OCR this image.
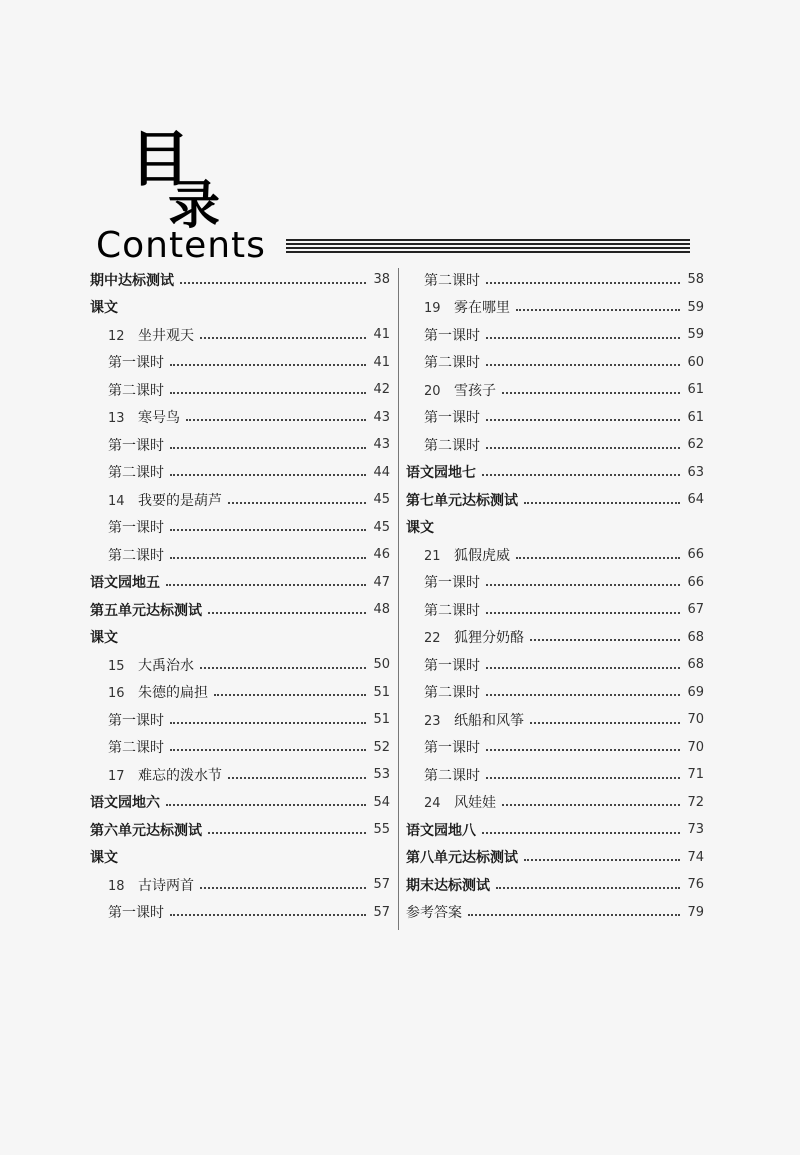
目
录
Contents
期中达标测试	38
课文
12 坐井观天	41
第一课时	41
第二课时	42
13 寒号鸟	43
第一课时	43
第二课时	44
14 我要的是葫芦	45
第一课时	45
第二课时	46
语文园地五	47
第五单元达标测试	48
课文
15 大禹治水	50
16 朱德的扁担	51
第一课时	51
第二课时	52
17 难忘的泼水节	53
语文园地六	54
第六单元达标测试	55
课文
18 古诗两首	57
第一课时	57
第二课时	58
19 雾在哪里	59
第一课时	59
第二课时	60
20 雪孩子	61
第一课时	61
第二课时	62
语文园地七	63
第七单元达标测试	64
课文
21 狐假虎威	66
第一课时	66
第二课时	67
22 狐狸分奶酪	68
第一课时	68
第二课时	69
23 纸船和风筝	70
第一课时	70
第二课时	71
24 风娃娃	72
语文园地八	73
第八单元达标测试	74
期末达标测试	76
参考答案	79
